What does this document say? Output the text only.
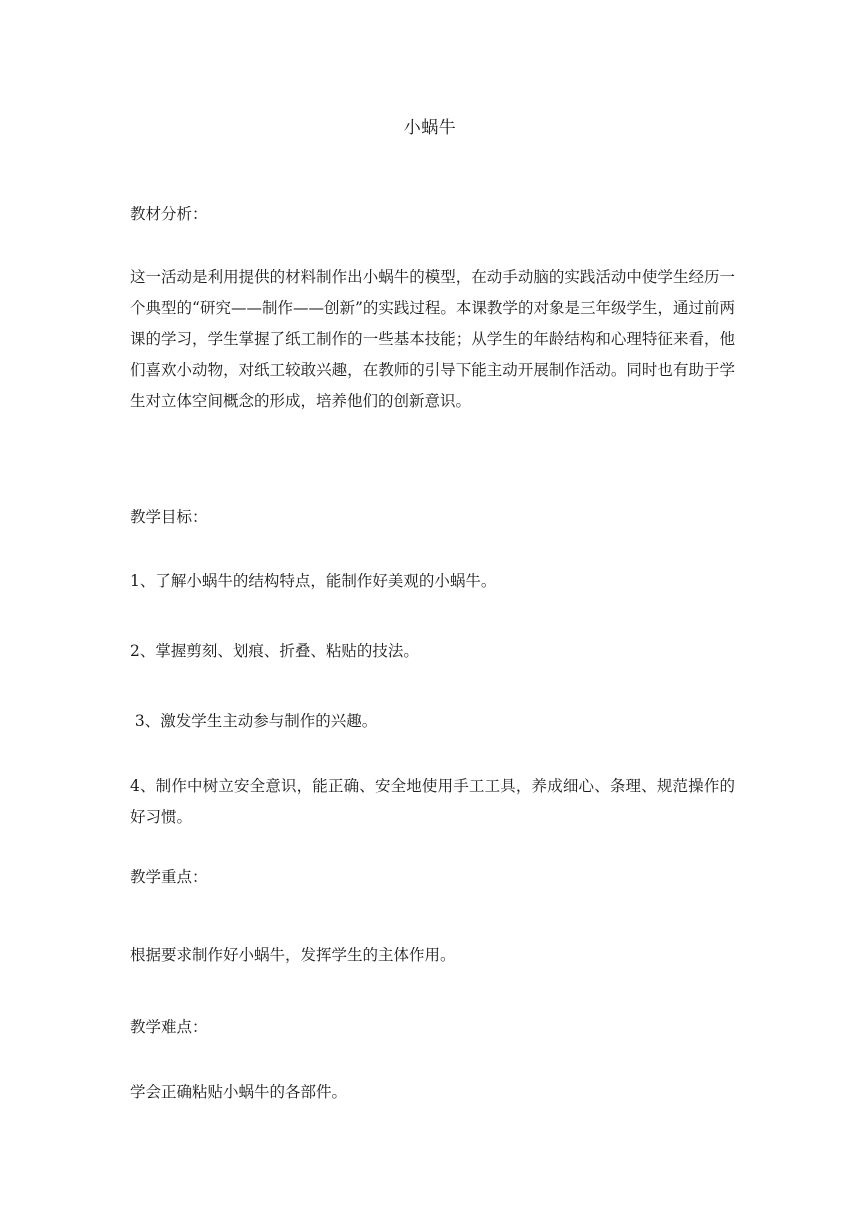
小蜗牛
教材分析：
这一活动是利用提供的材料制作出小蜗牛的模型，在动手动脑的实践活动中使学生经历一个典型的“研究——制作——创新”的实践过程。本课教学的对象是三年级学生，通过前两课的学习，学生掌握了纸工制作的一些基本技能；从学生的年龄结构和心理特征来看，他们喜欢小动物，对纸工较敢兴趣，在教师的引导下能主动开展制作活动。同时也有助于学生对立体空间概念的形成，培养他们的创新意识。
教学目标：
1、了解小蜗牛的结构特点，能制作好美观的小蜗牛。
2、掌握剪刻、划痕、折叠、粘贴的技法。
3、激发学生主动参与制作的兴趣。
4、制作中树立安全意识，能正确、安全地使用手工工具，养成细心、条理、规范操作的好习惯。
教学重点：
根据要求制作好小蜗牛，发挥学生的主体作用。
教学难点：
学会正确粘贴小蜗牛的各部件。
